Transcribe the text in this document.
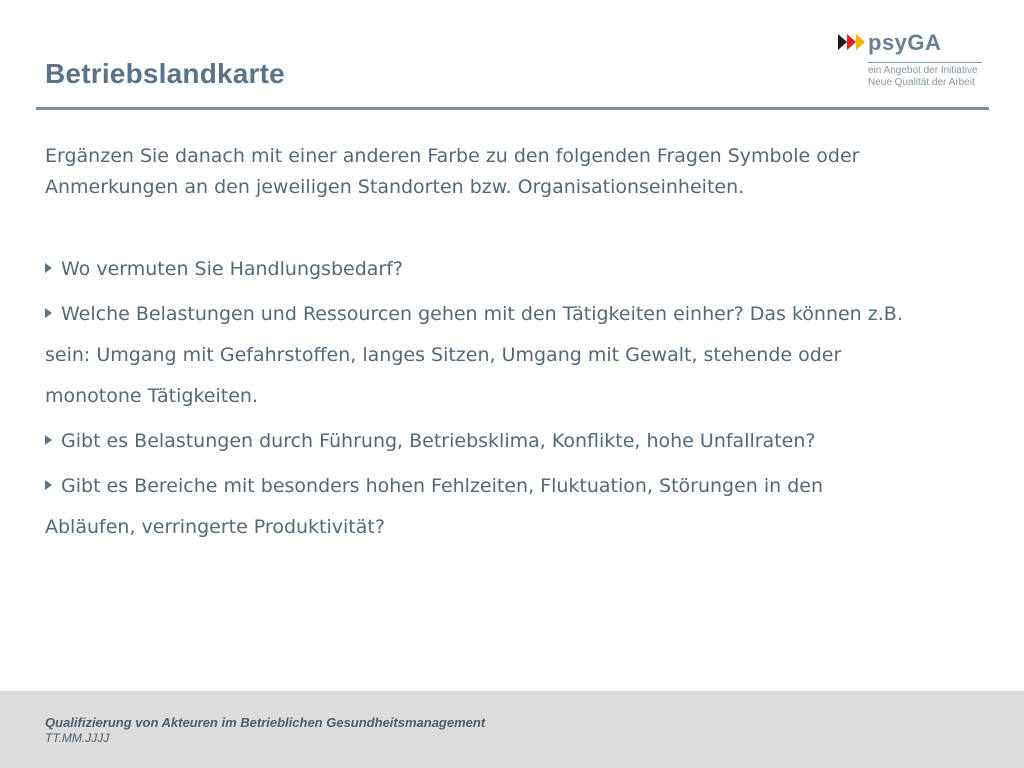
Betriebslandkarte
psyGA
ein Angebot der Initiative
Neue Qualität der Arbeit

Ergänzen Sie danach mit einer anderen Farbe zu den folgenden Fragen Symbole oder Anmerkungen an den jeweiligen Standorten bzw. Organisationseinheiten.

Wo vermuten Sie Handlungsbedarf?

Welche Belastungen und Ressourcen gehen mit den Tätigkeiten einher? Das können z.B. sein: Umgang mit Gefahrstoffen, langes Sitzen, Umgang mit Gewalt, stehende oder monotone Tätigkeiten.

Gibt es Belastungen durch Führung, Betriebsklima, Konflikte, hohe Unfallraten?

Gibt es Bereiche mit besonders hohen Fehlzeiten, Fluktuation, Störungen in den Abläufen, verringerte Produktivität?

Qualifizierung von Akteuren im Betrieblichen Gesundheitsmanagement
TT.MM.JJJJ
